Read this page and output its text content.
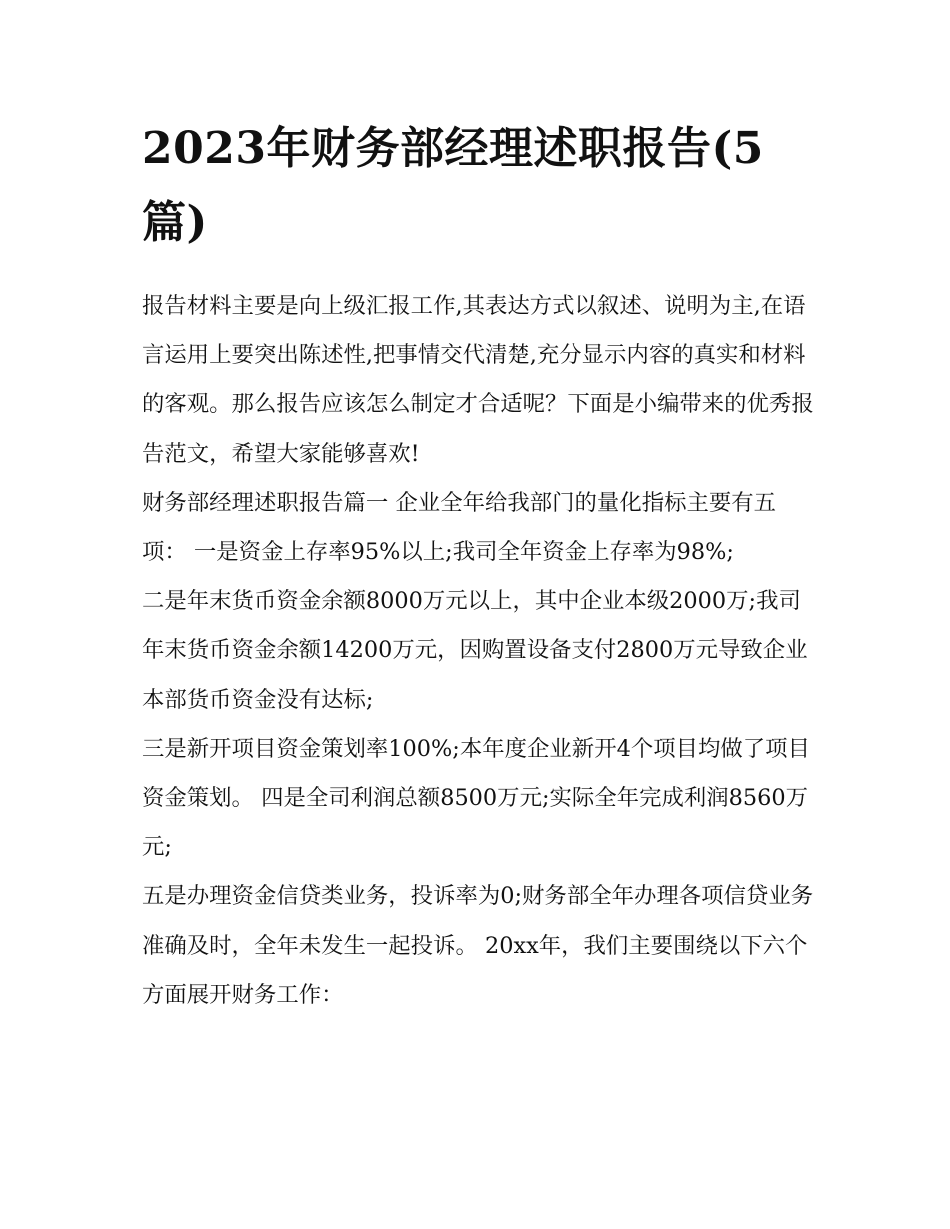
2023年财务部经理述职报告(5篇)

报告材料主要是向上级汇报工作,其表达方式以叙述、说明为主,在语言运用上要突出陈述性,把事情交代清楚,充分显示内容的真实和材料的客观。那么报告应该怎么制定才合适呢？下面是小编带来的优秀报告范文，希望大家能够喜欢!

财务部经理述职报告篇一 企业全年给我部门的量化指标主要有五项： 一是资金上存率95%以上;我司全年资金上存率为98%;

二是年末货币资金余额8000万元以上，其中企业本级2000万;我司年末货币资金余额14200万元，因购置设备支付2800万元导致企业本部货币资金没有达标;

三是新开项目资金策划率100%;本年度企业新开4个项目均做了项目资金策划。 四是全司利润总额8500万元;实际全年完成利润8560万元;

五是办理资金信贷类业务，投诉率为0;财务部全年办理各项信贷业务准确及时，全年未发生一起投诉。 20xx年，我们主要围绕以下六个方面展开财务工作：
